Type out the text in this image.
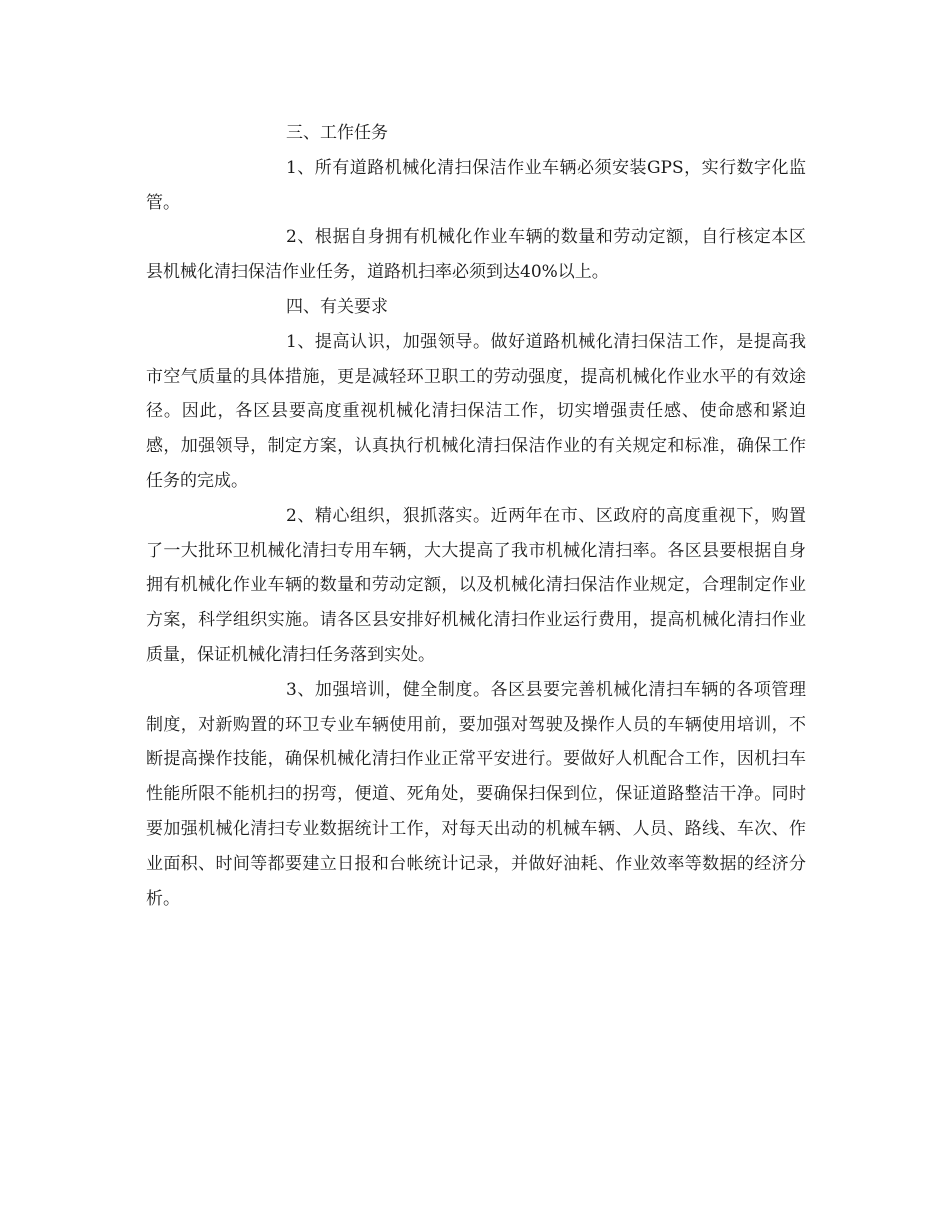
三、工作任务

1、所有道路机械化清扫保洁作业车辆必须安装GPS，实行数字化监管。

2、根据自身拥有机械化作业车辆的数量和劳动定额，自行核定本区县机械化清扫保洁作业任务，道路机扫率必须到达40%以上。

四、有关要求

1、提高认识，加强领导。做好道路机械化清扫保洁工作，是提高我市空气质量的具体措施，更是减轻环卫职工的劳动强度，提高机械化作业水平的有效途径。因此，各区县要高度重视机械化清扫保洁工作，切实增强责任感、使命感和紧迫感，加强领导，制定方案，认真执行机械化清扫保洁作业的有关规定和标准，确保工作任务的完成。

2、精心组织，狠抓落实。近两年在市、区政府的高度重视下，购置了一大批环卫机械化清扫专用车辆，大大提高了我市机械化清扫率。各区县要根据自身拥有机械化作业车辆的数量和劳动定额，以及机械化清扫保洁作业规定，合理制定作业方案，科学组织实施。请各区县安排好机械化清扫作业运行费用，提高机械化清扫作业质量，保证机械化清扫任务落到实处。

3、加强培训，健全制度。各区县要完善机械化清扫车辆的各项管理制度，对新购置的环卫专业车辆使用前，要加强对驾驶及操作人员的车辆使用培训，不断提高操作技能，确保机械化清扫作业正常平安进行。要做好人机配合工作，因机扫车性能所限不能机扫的拐弯，便道、死角处，要确保扫保到位，保证道路整洁干净。同时要加强机械化清扫专业数据统计工作，对每天出动的机械车辆、人员、路线、车次、作业面积、时间等都要建立日报和台帐统计记录，并做好油耗、作业效率等数据的经济分析。
